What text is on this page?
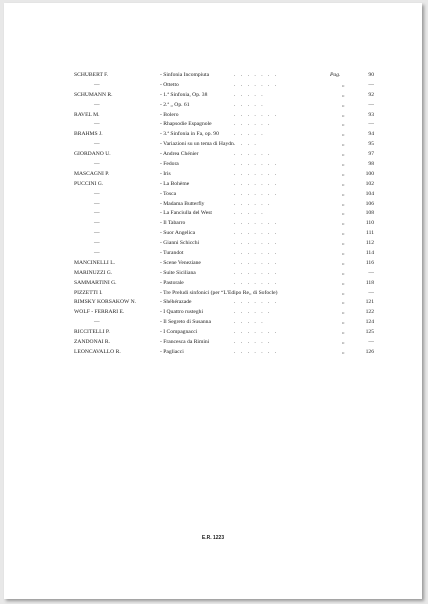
SCHUBERT F.	- Sinfonia Incompiuta	. . . . . . .	Pag.	90
—	- Ottetto	. . . . . . .	—
„
SCHUMANN R.	- 1.ª Sinfonia, Op. 38	. . . . .	92
„
—	- 2.ª „ Op. 61	. . . . .	—
„
RAVEL M.	- Bolero	. . . . . . .	93
„
—	- Rhapsodie Espagnole	. . . . . .	—
„
BRAHMS J.	- 3.ª Sinfonia in Fa, op. 90	. . . . .	94
„
—	- Variazioni su un tema di Haydn . . . .	95
„
GIORDANO U.	- Andrea Chénier	. . . . . .	97
„
—	- Fedora	. . . . . . .	98
„
MASCAGNI P.	- Iris	. . . . . . .	100
„
PUCCINI G.	- La Bohème	. . . . . . .	102
„
—	- Tosca	. . . . . . .	104
„
—	- Madama Butterfly	. . . . . .	106
„
—	- La Fanciulla del West	. . . . .	108
„
—	- Il Tabarro	. . . . . . .	110
„
—	- Suor Angelica	. . . . . . .	111
„
—	- Gianni Schicchi	. . . . . . .	112
„
—	- Turandot	. . . . . . .	114
„
MANCINELLI L.	- Scene Veneziane	. . . . . . .	116
„
MARINUZZI G.	- Suite Siciliana	. . . . . . .	—
„
SAMMARTINI G.	- Pastorale	. . . . . . .	118
„
PIZZETTI I.	- Tre Preludi sinfonici (per “L'Edipo Re„ di Sofocle)	—
„
RIMSKY KORSAKOW N.	- Shéhérazade	. . . . . . .	121
„
WOLF - FERRARI E.	- I Quattro rusteghi	. . . . . .	122
„
—	- Il Segreto di Susanna	. . . . .	124
„
RICCITELLI P.	- I Compagnacci	. . . . . . .	125
„
ZANDONAI R.	- Francesca da Rimini	. . . . . .	—
„
LEONCAVALLO R.	- Pagliacci	. . . . . . .	126
„
E.R. 1223
